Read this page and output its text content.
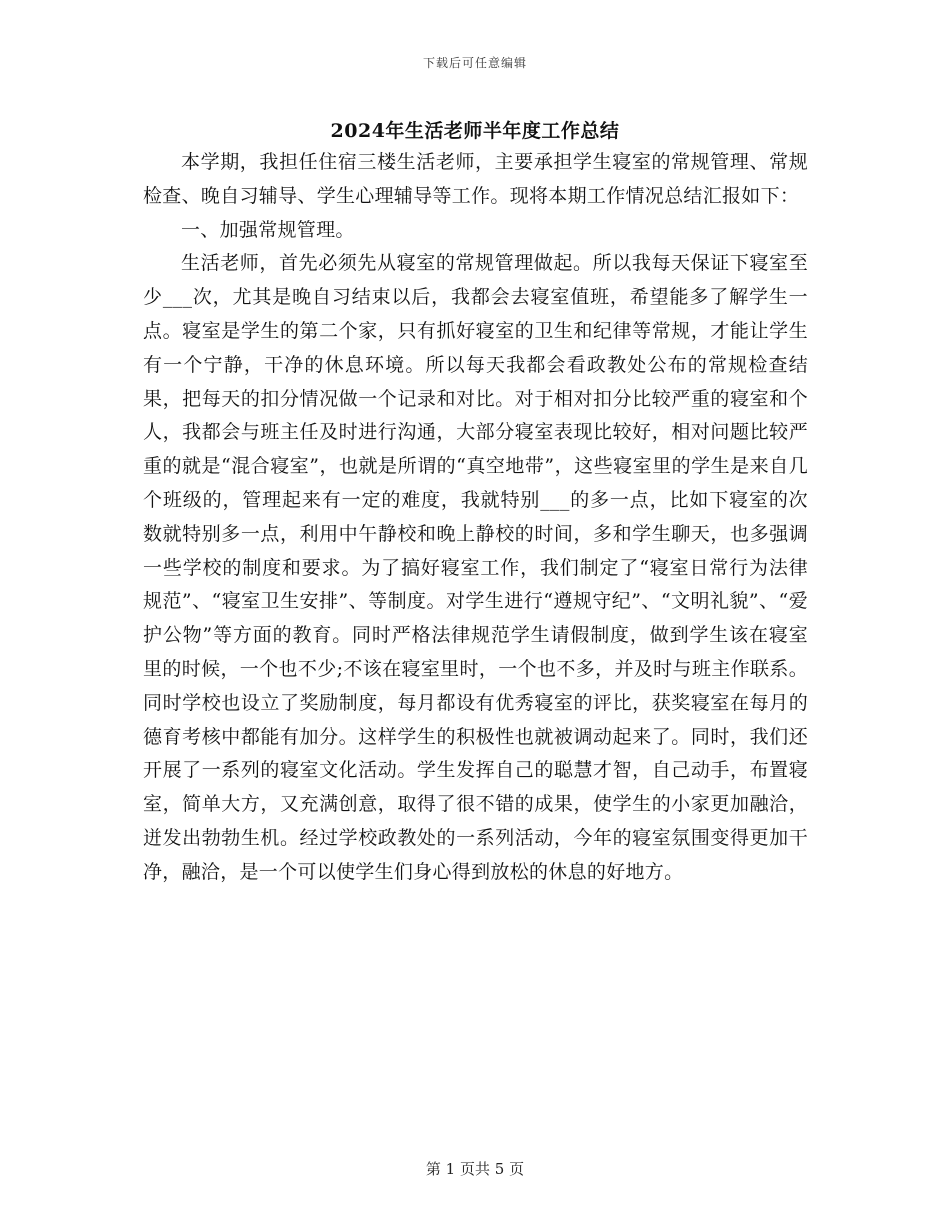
下载后可任意编辑
2024年生活老师半年度工作总结

本学期，我担任住宿三楼生活老师，主要承担学生寝室的常规管理、常规检查、晚自习辅导、学生心理辅导等工作。现将本期工作情况总结汇报如下：

一、加强常规管理。

生活老师，首先必须先从寝室的常规管理做起。所以我每天保证下寝室至少___次，尤其是晚自习结束以后，我都会去寝室值班，希望能多了解学生一点。寝室是学生的第二个家，只有抓好寝室的卫生和纪律等常规，才能让学生有一个宁静，干净的休息环境。所以每天我都会看政教处公布的常规检查结果，把每天的扣分情况做一个记录和对比。对于相对扣分比较严重的寝室和个人，我都会与班主任及时进行沟通，大部分寝室表现比较好，相对问题比较严重的就是“混合寝室”，也就是所谓的“真空地带”，这些寝室里的学生是来自几个班级的，管理起来有一定的难度，我就特别___的多一点，比如下寝室的次数就特别多一点，利用中午静校和晚上静校的时间，多和学生聊天，也多强调一些学校的制度和要求。为了搞好寝室工作，我们制定了“寝室日常行为法律规范”、“寝室卫生安排”、等制度。对学生进行“遵规守纪”、“文明礼貌”、“爱护公物”等方面的教育。同时严格法律规范学生请假制度，做到学生该在寝室里的时候，一个也不少;不该在寝室里时，一个也不多，并及时与班主作联系。同时学校也设立了奖励制度，每月都设有优秀寝室的评比，获奖寝室在每月的德育考核中都能有加分。这样学生的积极性也就被调动起来了。同时，我们还开展了一系列的寝室文化活动。学生发挥自己的聪慧才智，自己动手，布置寝室，简单大方，又充满创意，取得了很不错的成果，使学生的小家更加融洽，迸发出勃勃生机。经过学校政教处的一系列活动，今年的寝室氛围变得更加干净，融洽，是一个可以使学生们身心得到放松的休息的好地方。

第 1 页共 5 页
